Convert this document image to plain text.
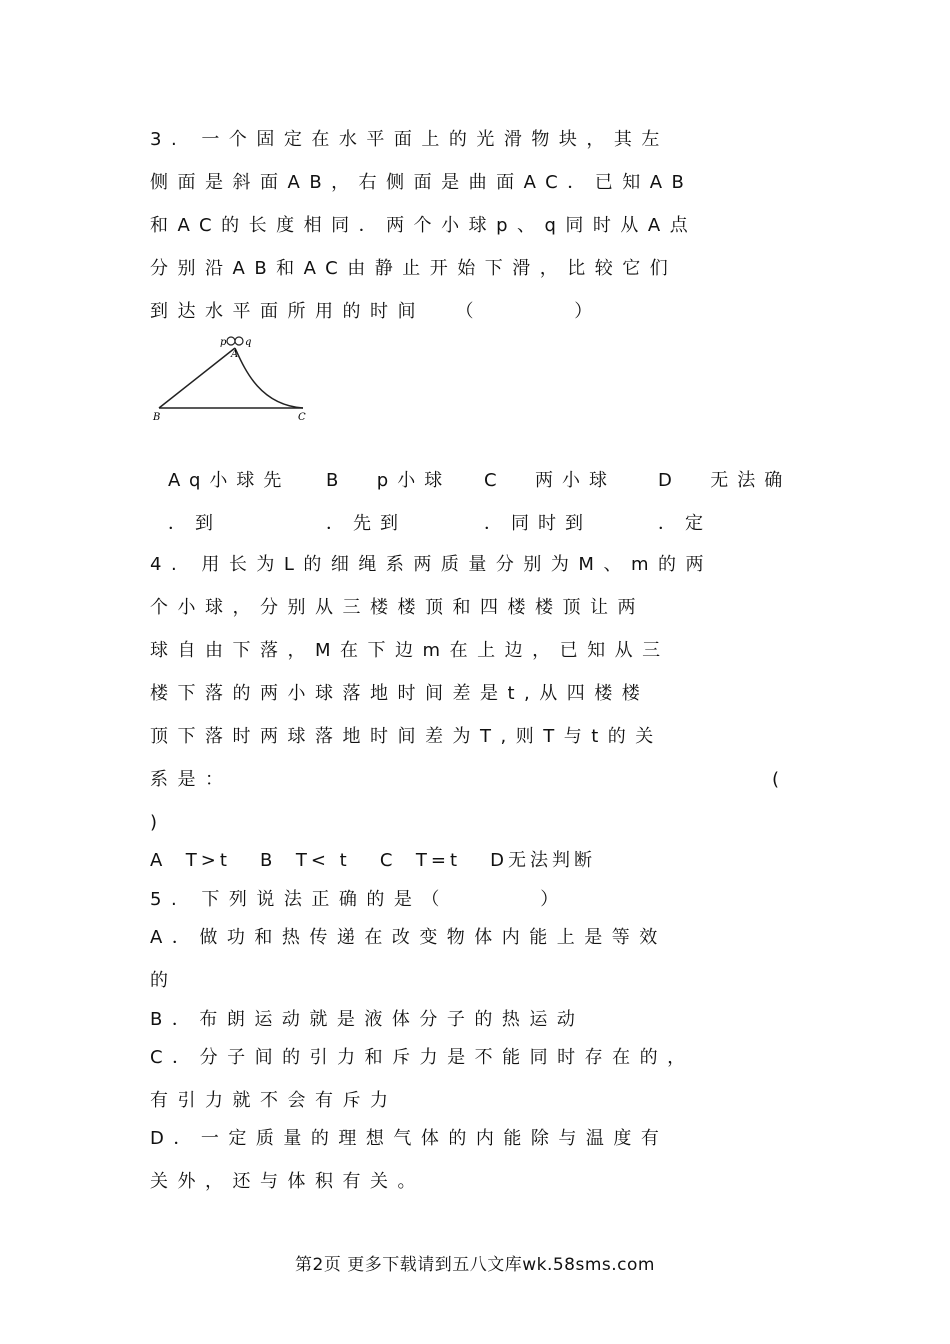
3. 一个固定在水平面上的光滑物块，其左
侧面是斜面AB，右侧面是曲面AC．已知AB
和AC的长度相同．两个小球p、q同时从A点
分别沿AB和AC由静止开始下滑，比较它们
到达水平面所用的时间  （      ）
p q
A
B	C
Aq小球先
．到
B  p小球
．先到
C  两小球
．同时到
D  无法确
．定
4. 用长为L的细绳系两质量分别为M、m的两
个小球，分别从三楼楼顶和四楼楼顶让两
球自由下落，M在下边m在上边，已知从三
楼下落的两小球落地时间差是t,从四楼楼
顶下落时两球落地时间差为T,则T与t的关
系是：	(
)
A  T>t   B  T< t   C  T=t   D无法判断
5. 下列说法正确的是（      ）
A．做功和热传递在改变物体内能上是等效
的
B．布朗运动就是液体分子的热运动
C．分子间的引力和斥力是不能同时存在的，
有引力就不会有斥力
D．一定质量的理想气体的内能除与温度有
关外，还与体积有关。
第2页 更多下载请到五八文库wk.58sms.com
